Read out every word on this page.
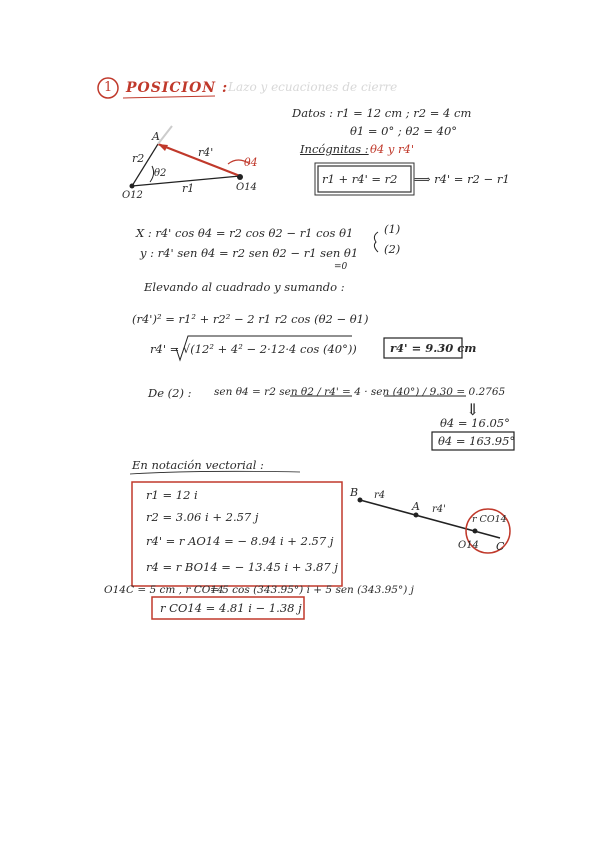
1 POSICION : Lazo y ecuaciones de cierre
Datos : r1 = 12 cm ; r2 = 4 cm
θ1 = 0° ; θ2 = 40°
Incógnitas : θ4 y r4'
r1 + r4' = r2 ⟹ r4' = r2 − r1
A
r2	r4'
θ2
r1
θ4
O12
O14
X : r4' cos θ4 = r2 cos θ2 − r1 cos θ1	(1)
y : r4' sen θ4 = r2 sen θ2 − r1 sen θ1 (2)
=0
Elevando al cuadrado y sumando :
(r4')² = r1² + r2² − 2 r1 r2 cos (θ2 − θ1)
r4' = √(12² + 4² − 2·12·4 cos (40°))	r4' = 9.30 cm
De (2) : sen θ4 = r2 sen θ2 / r4' = 4 · sen (40°) / 9.30 = 0.2765
⇓
θ4 = 16.05°
θ4 = 163.95°
En notación vectorial :
r1 = 12 i
r2 = 3.06 i + 2.57 j
r4' = r AO14 = − 8.94 i + 2.57 j
r4 = r BO14 = − 13.45 i + 3.87 j
O14C = 5 cm , r CO14
= 5 cos (343.95°) i + 5 sen (343.95°) j
r CO14 = 4.81 i − 1.38 j
B r4
A r4'
r CO14
O14 C
